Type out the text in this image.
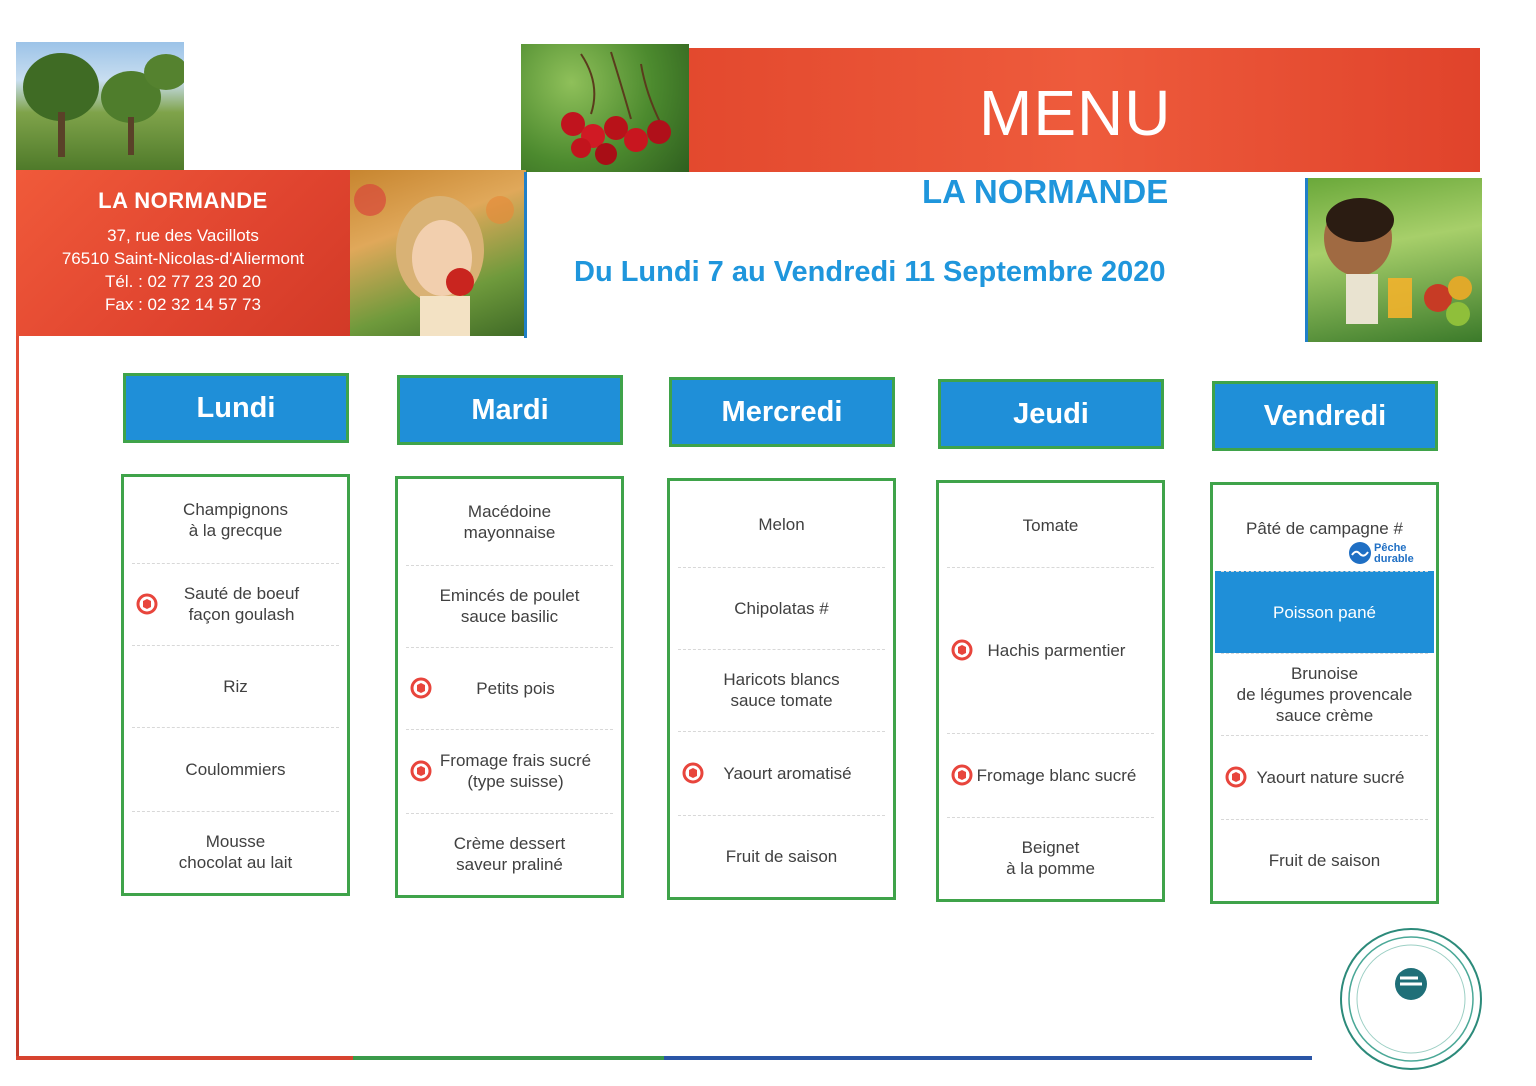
LA NORMANDE
37, rue des Vacillots
76510 Saint-Nicolas-d'Aliermont
Tél. : 02 77 23 20 20
Fax : 02 32 14 57 73
MENU
LA NORMANDE
Du Lundi 7 au Vendredi 11 Septembre 2020
Lundi
Champignons
à la grecque
Sauté de boeuf
façon goulash
Riz
Coulommiers
Mousse
chocolat au lait
Mardi
Macédoine
mayonnaise
Emincés de poulet
sauce basilic
Petits pois
Fromage frais sucré
(type suisse)
Crème dessert
saveur praliné
Mercredi
Melon
Chipolatas #
Haricots blancs
sauce tomate
Yaourt aromatisé
Fruit de saison
Jeudi
Tomate
Hachis parmentier
Fromage blanc sucré
Beignet
à la pomme
Vendredi
Pâté de campagne #
Poisson pané
Brunoise
de légumes provencale
sauce crème
Yaourt nature sucré
Fruit de saison
Pêche
durable
